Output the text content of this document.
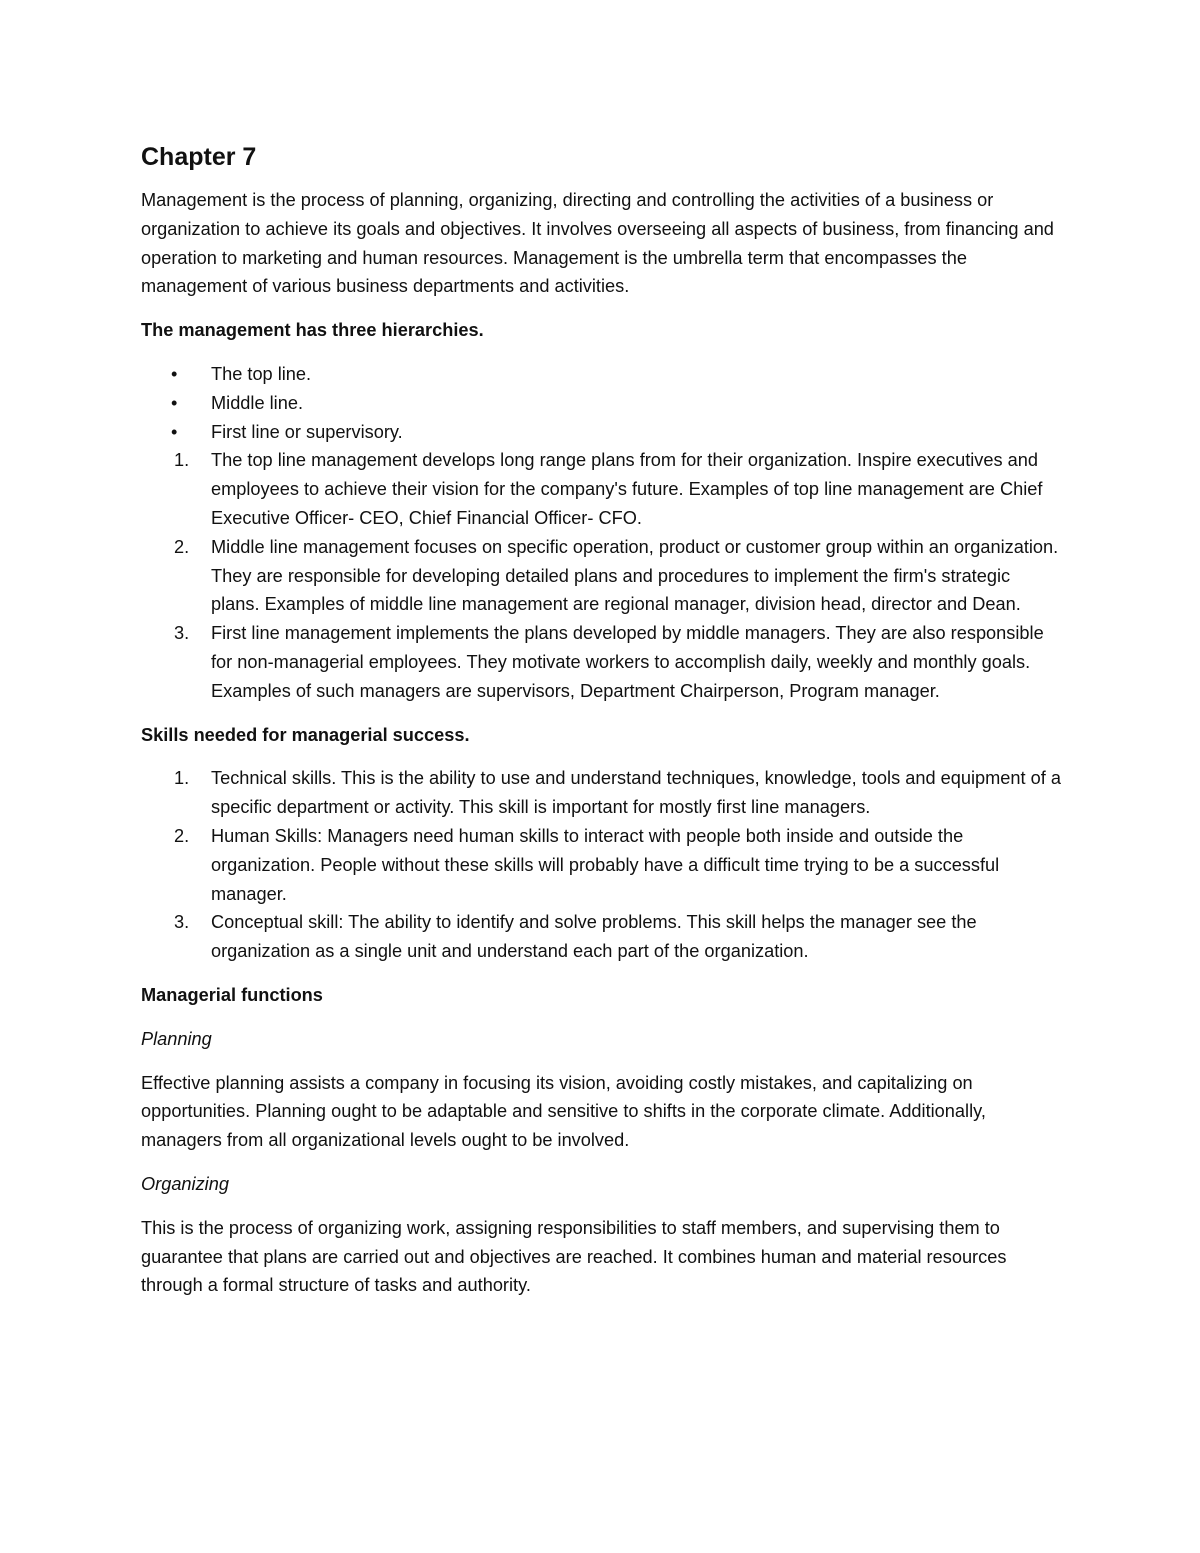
Chapter 7

Management is the process of planning, organizing, directing and controlling the activities of a business or organization to achieve its goals and objectives. It involves overseeing all aspects of business, from financing and operation to marketing and human resources. Management is the umbrella term that encompasses the management of various business departments and activities.

The management has three hierarchies.
•	The top line.
•	Middle line.
•	First line or supervisory.
1.	The top line management develops long range plans from for their organization. Inspire executives and employees to achieve their vision for the company's future. Examples of top line management are Chief Executive Officer- CEO, Chief Financial Officer- CFO.
2.	Middle line management focuses on specific operation, product or customer group within an organization. They are responsible for developing detailed plans and procedures to implement the firm's strategic plans. Examples of middle line management are regional manager, division head, director and Dean.
3.	First line management implements the plans developed by middle managers. They are also responsible for non-managerial employees. They motivate workers to accomplish daily, weekly and monthly goals. Examples of such managers are supervisors, Department Chairperson, Program manager.
Skills needed for managerial success.
1.	Technical skills. This is the ability to use and understand techniques, knowledge, tools and equipment of a specific department or activity. This skill is important for mostly first line managers.
2.	Human Skills: Managers need human skills to interact with people both inside and outside the organization. People without these skills will probably have a difficult time trying to be a successful manager.
3.	Conceptual skill: The ability to identify and solve problems. This skill helps the manager see the organization as a single unit and understand each part of the organization.
Managerial functions
Planning

Effective planning assists a company in focusing its vision, avoiding costly mistakes, and capitalizing on opportunities. Planning ought to be adaptable and sensitive to shifts in the corporate climate. Additionally, managers from all organizational levels ought to be involved.

Organizing

This is the process of organizing work, assigning responsibilities to staff members, and supervising them to guarantee that plans are carried out and objectives are reached. It combines human and material resources through a formal structure of tasks and authority.
